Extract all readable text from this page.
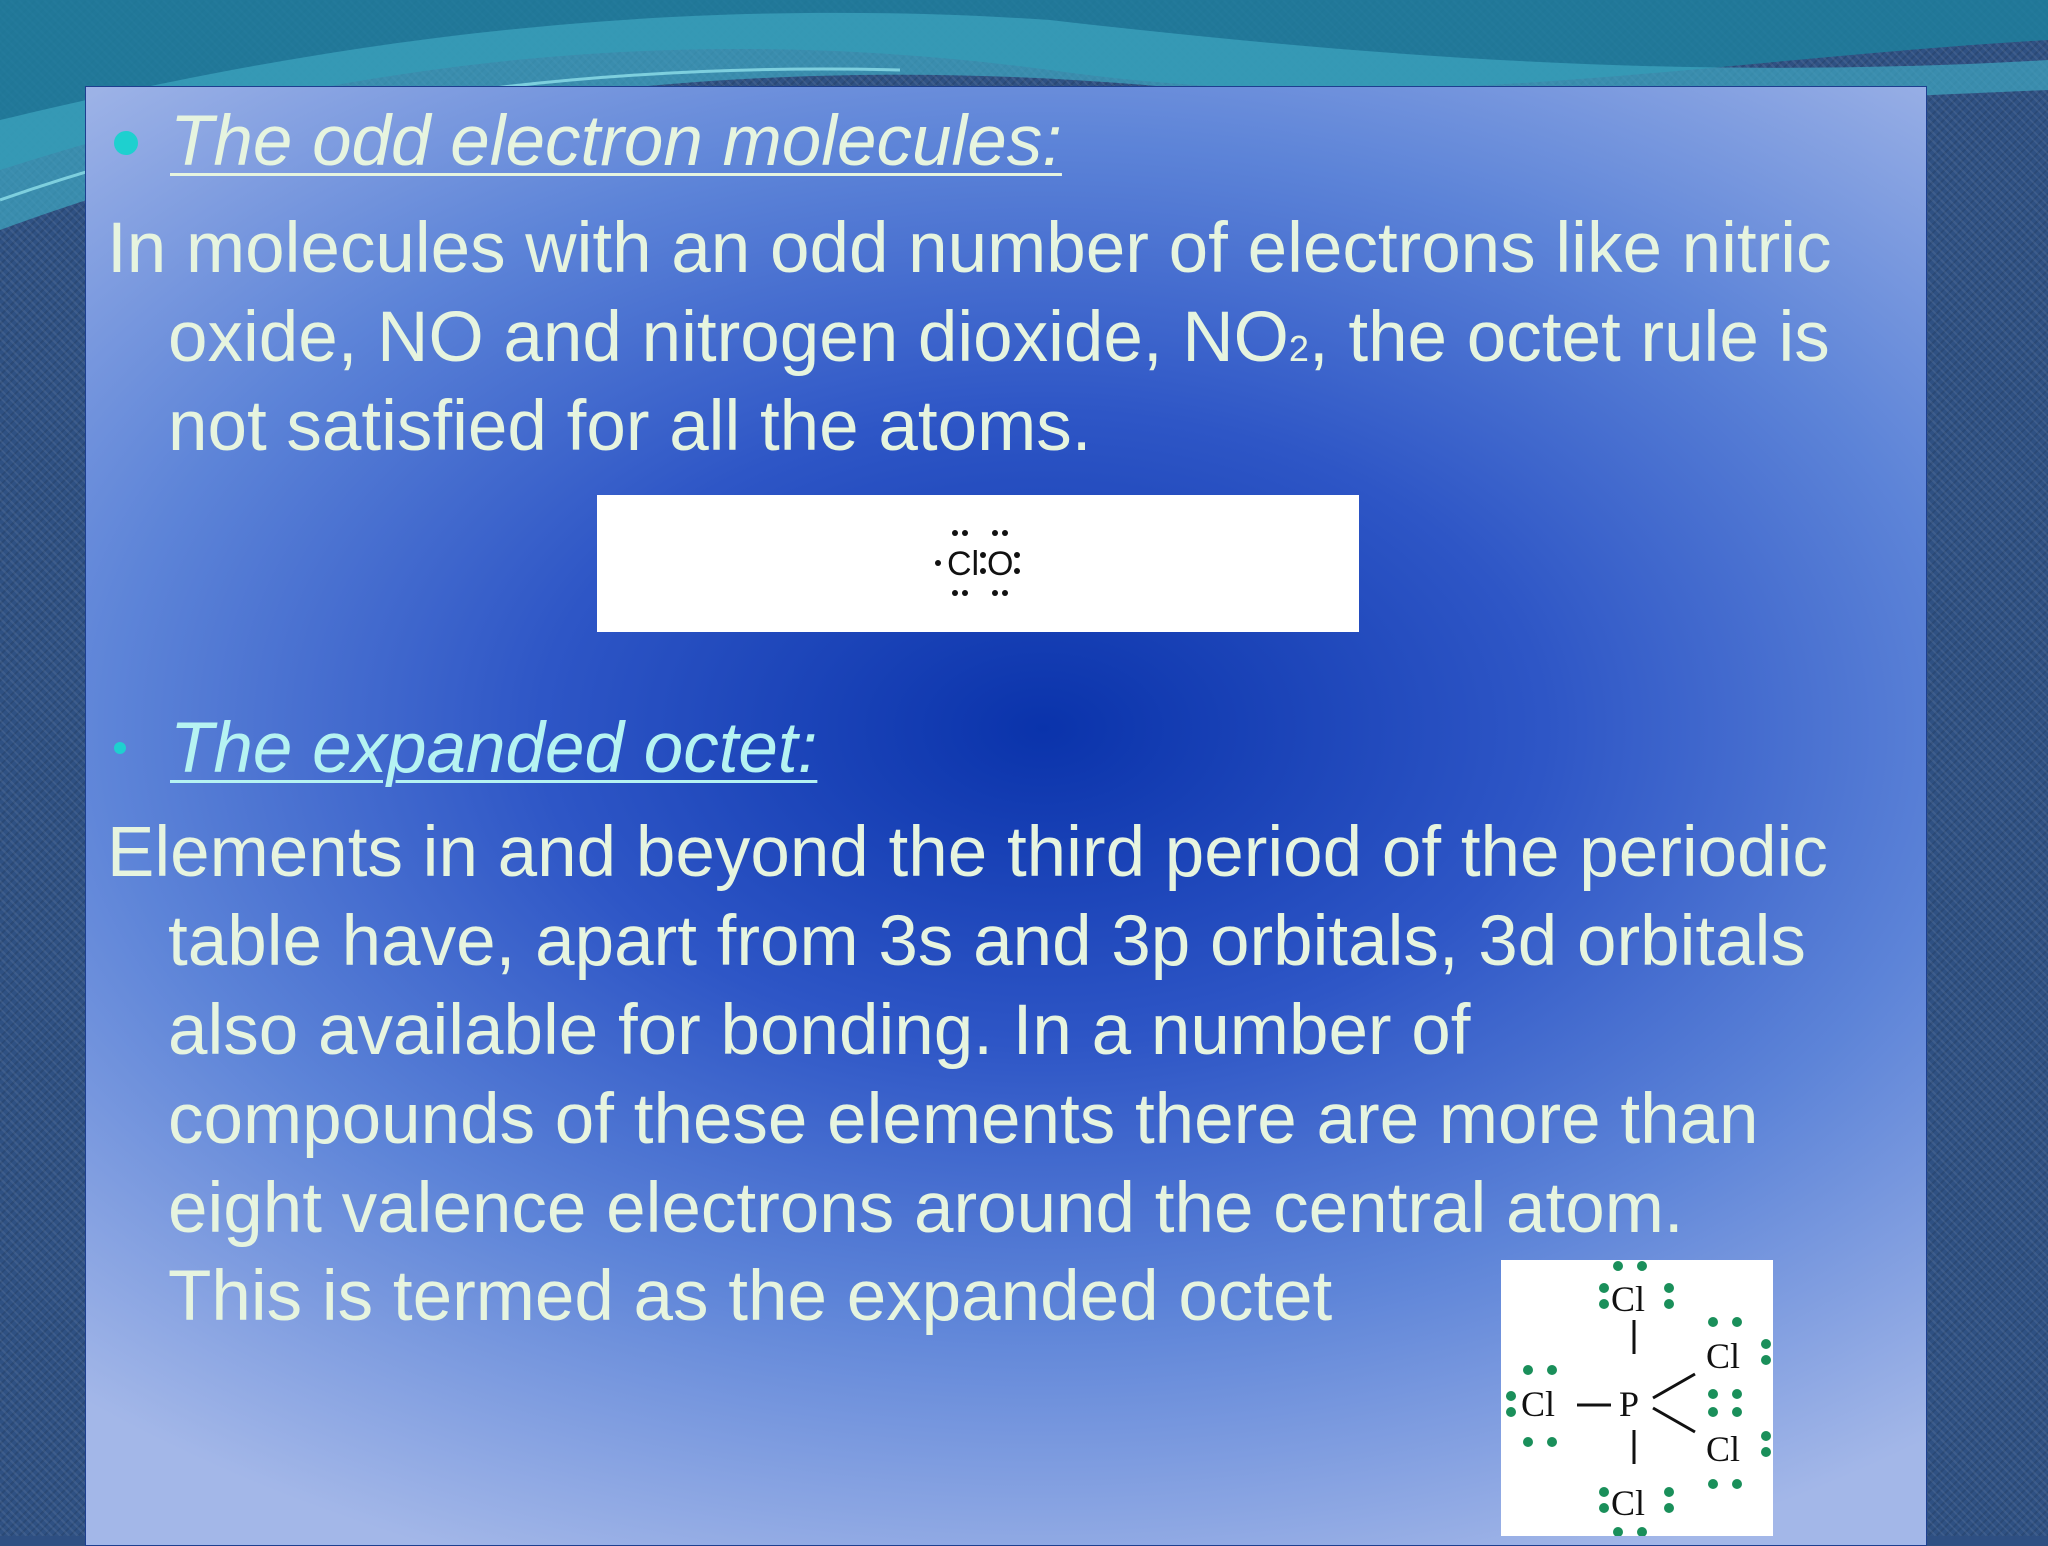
The odd electron molecules:
In molecules with an odd number of electrons like nitric
oxide, NO and nitrogen dioxide, NO2, the octet rule is
not satisfied for all the atoms.
Cl O
The expanded octet:
Elements in and beyond the third period of the periodic
table have, apart from 3s and 3p orbitals, 3d orbitals
also available for bonding. In a number of
compounds of these elements there are more than
eight valence electrons around the central atom.
This is termed as the expanded octet	Cl
Cl
Cl P
Cl
Cl
